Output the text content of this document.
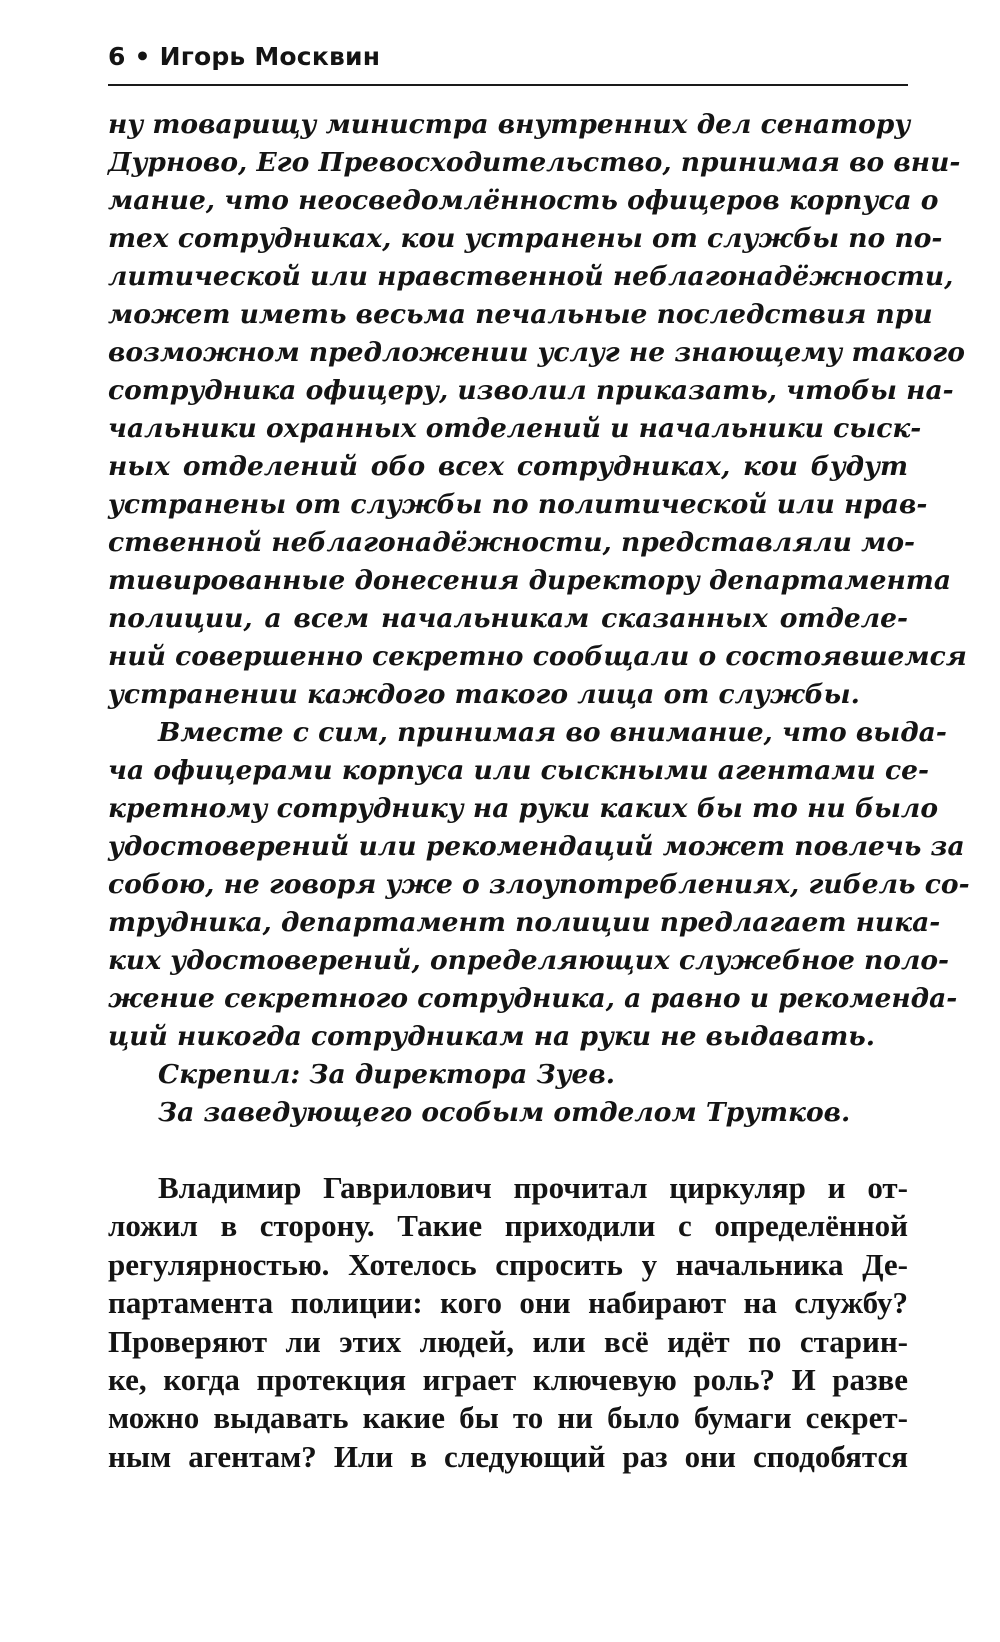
6 • Игорь Москвин
ну товарищу министра внутренних дел сенатору
Дурново, Его Превосходительство, принимая во вни-
мание, что неосведомлённость офицеров корпуса о
тех сотрудниках, кои устранены от службы по по-
литической или нравственной неблагонадёжности,
может иметь весьма печальные последствия при
возможном предложении услуг не знающему такого
сотрудника офицеру, изволил приказать, чтобы на-
чальники охранных отделений и начальники сыск-
ных отделений обо всех сотрудниках, кои будут
устранены от службы по политической или нрав-
ственной неблагонадёжности, представляли мо-
тивированные донесения директору департамента
полиции, а всем начальникам сказанных отделе-
ний совершенно секретно сообщали о состоявшемся
устранении каждого такого лица от службы.
Вместе с сим, принимая во внимание, что выда-
ча офицерами корпуса или сыскными агентами се-
кретному сотруднику на руки каких бы то ни было
удостоверений или рекомендаций может повлечь за
собою, не говоря уже о злоупотреблениях, гибель со-
трудника, департамент полиции предлагает ника-
ких удостоверений, определяющих служебное поло-
жение секретного сотрудника, а равно и рекоменда-
ций никогда сотрудникам на руки не выдавать.
Скрепил: За директора Зуев.
За заведующего особым отделом Трутков.
Владимир Гаврилович прочитал циркуляр и от-
ложил в сторону. Такие приходили с определённой
регулярностью. Хотелось спросить у начальника Де-
партамента полиции: кого они набирают на службу?
Проверяют ли этих людей, или всё идёт по старин-
ке, когда протекция играет ключевую роль? И разве
можно выдавать какие бы то ни было бумаги секрет-
ным агентам? Или в следующий раз они сподобятся
